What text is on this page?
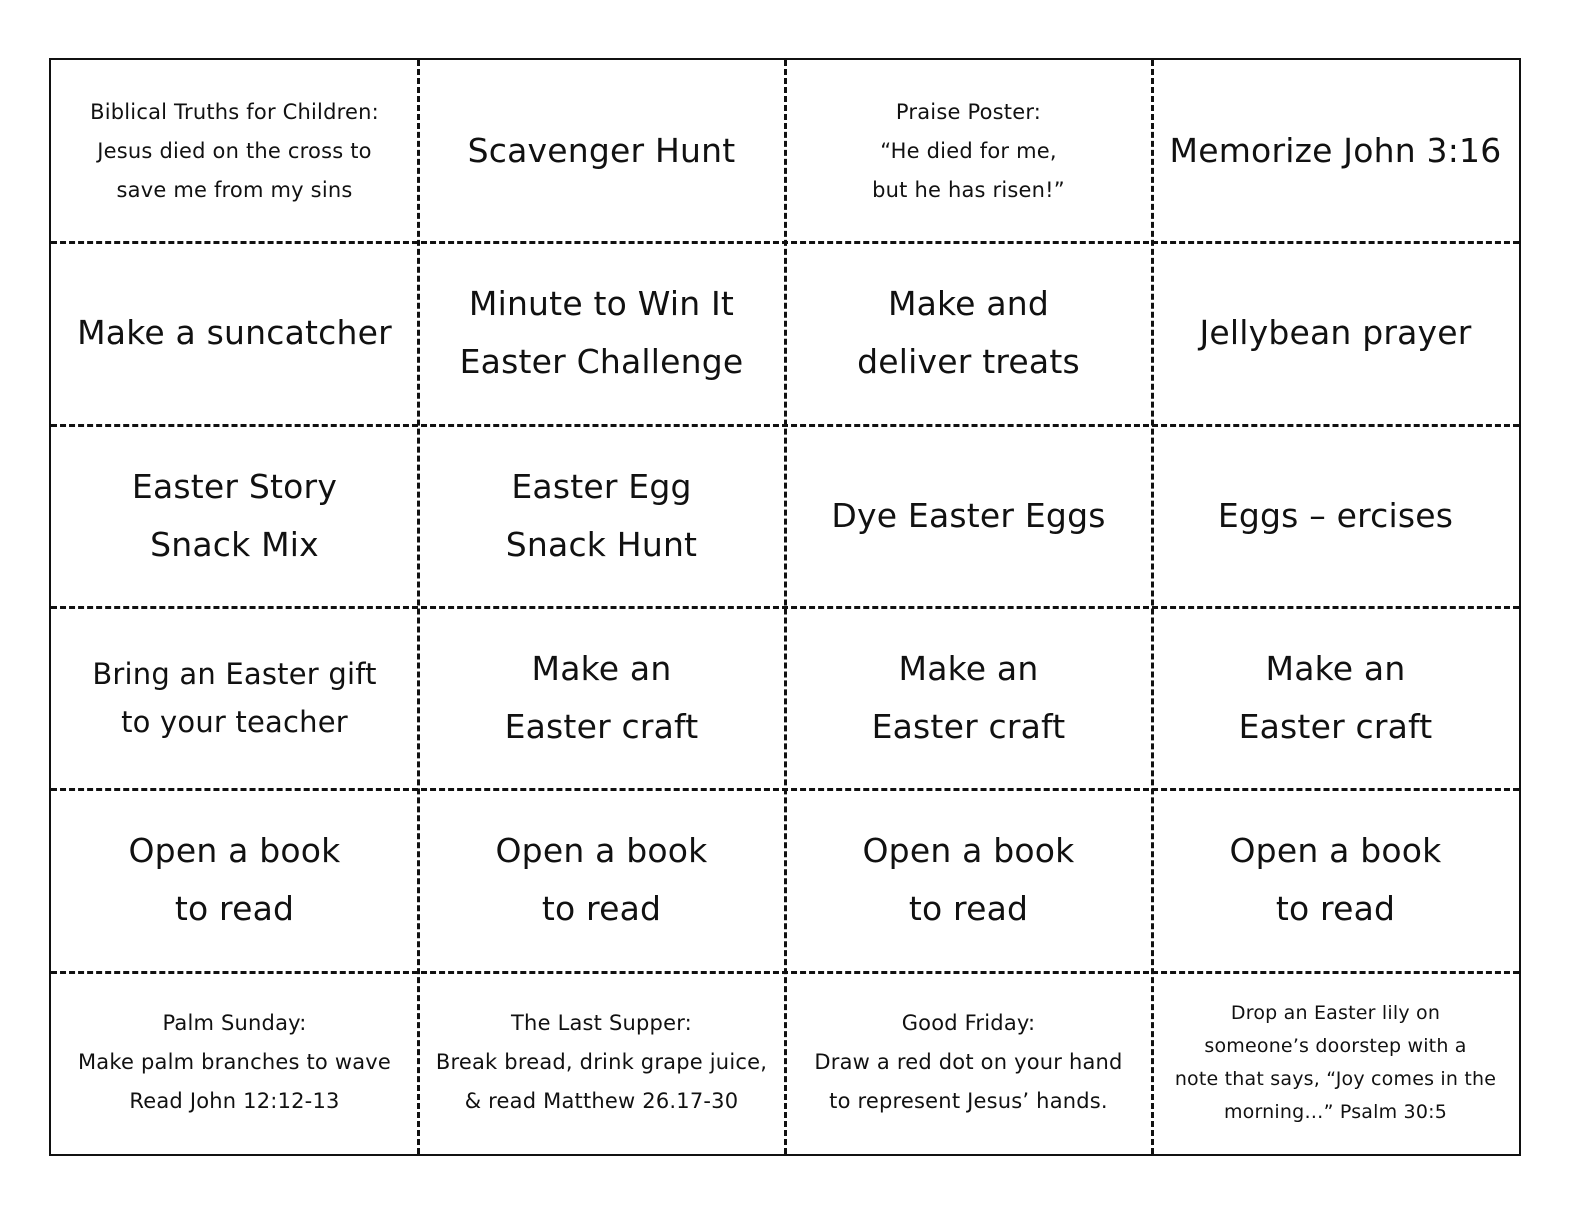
Biblical Truths for Children:
Jesus died on the cross to
save me from my sins
Scavenger Hunt
Praise Poster:
“He died for me,
but he has risen!”
Memorize John 3:16
Make a suncatcher
Minute to Win It
Easter Challenge
Make and
deliver treats
Jellybean prayer
Easter Story
Snack Mix
Easter Egg
Snack Hunt
Dye Easter Eggs	Eggs – ercises
Bring an Easter gift
to your teacher
Make an
Easter craft
Make an
Easter craft
Make an
Easter craft
Open a book
to read
Open a book
to read
Open a book
to read
Open a book
to read
Palm Sunday:
Make palm branches to wave
Read John 12:12-13
The Last Supper:
Break bread, drink grape juice,
& read Matthew 26.17-30
Good Friday:
Draw a red dot on your hand
to represent Jesus’ hands.
Drop an Easter lily on
someone’s doorstep with a
note that says, “Joy comes in the
morning…” Psalm 30:5
